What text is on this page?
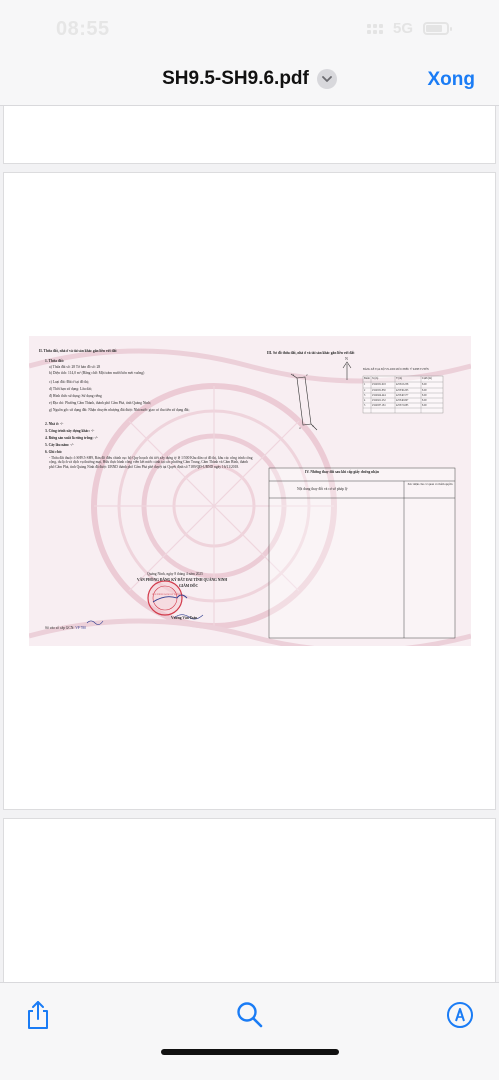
08:55	5G
SH9.5-SH9.6.pdf	Xong
1	2
3
4
N
II. Thửa đất, nhà ở và tài sản khác gắn liền với đất
1. Thửa đất:
a) Thửa đất số: 28 Tờ bản đồ số: 28
b) Diện tích: 114,0 m² (Bằng chữ: Một trăm mười bốn mét vuông)
c) Loại đất: Đất ở tại đô thị;
d) Thời hạn sử dụng: Lâu dài;
đ) Hình thức sử dụng: Sử dụng riêng
e) Địa chỉ: Phường Cẩm Thành, thành phố Cẩm Phả, tỉnh Quảng Ninh;
g) Nguồn gốc sử dụng đất: Nhận chuyển nhượng đất được Nhà nước giao có thu tiền sử dụng đất;
2. Nhà ở: -/-
3. Công trình xây dựng khác: -/-
4. Rừng sản xuất là rừng trồng: -/-
5. Cây lâu năm: -/-
6. Ghi chú:
- Thửa đất thuộc ô SH9.5-SH9, Bản đồ điều chỉnh cục bộ Quy hoạch chi tiết xây dựng tỷ lệ 1/500 Khu dân cư đô thị, khu các công trình công cộng, du lịch và dịch vụ thương mại, Hữu thực hành công viên kết nước cảnh tại các phường Cẩm Trung, Cẩm Thành và Cẩm Bình, thành phố Cẩm Phả, tỉnh Quảng Ninh đã được UBND thành phố Cẩm Phả phê duyệt tại Quyết định số 7189/QĐ-UBND ngày 16/11/2018.
Quảng Ninh, ngày 8 tháng 4 năm 2025
VĂN PHÒNG ĐĂNG KÝ ĐẤT ĐAI TỈNH QUẢNG NINH
GIÁM ĐỐC
Vương Văn Toàn
Số vào sổ cấp GCN: VP 780
VĂN PHÒNG ĐĂNG KÝ ĐẤT ĐAI
III. Sơ đồ thửa đất, nhà ở và tài sản khác gắn liền với đất
BẢNG KÊ TỌA ĐỘ VN-2000 MÚI CHIẾU 3° KINH TUYẾN
Điểm X (m)	Y (m)	Cạnh (m)
1	2322931.618	425318.258	8.00
2	2322931.830	425336.203	8.00
3	2322924.444	425340.577	8.00
4	2322921.232	425340.697	8.00
5	2322937.181	425372.085	8.00
IV. Những thay đổi sau khi cấp giấy chứng nhận
Nội dung thay đổi và cơ sở pháp lý
Xác nhận của cơ quan có thẩm quyền
